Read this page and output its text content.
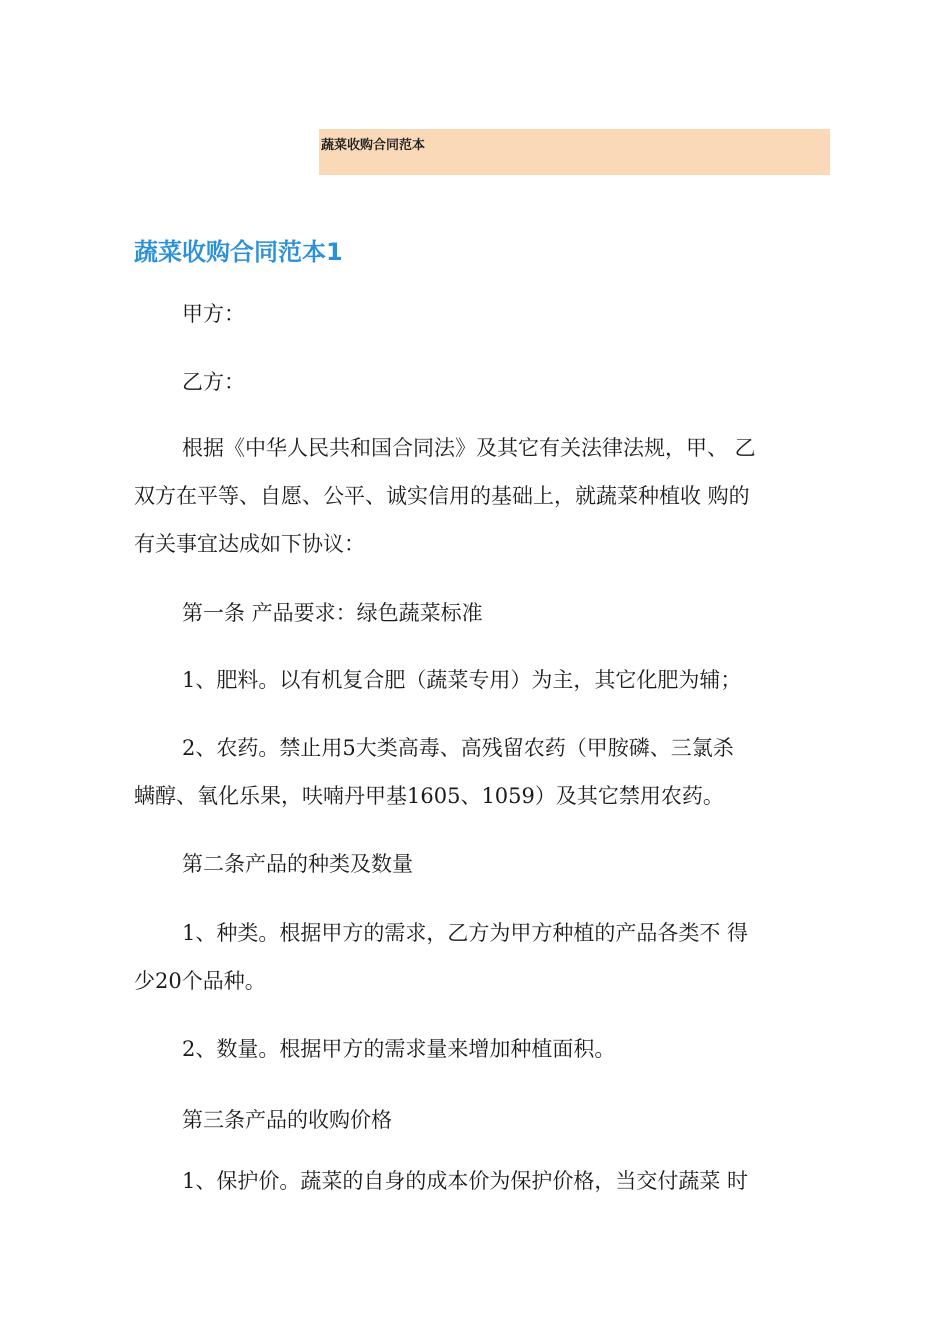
蔬菜收购合同范本
蔬菜收购合同范本1

甲方：

乙方：

根据《中华人民共和国合同法》及其它有关法律法规，甲、 乙
双方在平等、自愿、公平、诚实信用的基础上，就蔬菜种植收 购的
有关事宜达成如下协议：

第一条 产品要求：绿色蔬菜标准

1、肥料。以有机复合肥（蔬菜专用）为主，其它化肥为辅；

2、农药。禁止用5大类高毒、高残留农药（甲胺磷、三氯杀
螨醇、氧化乐果，呋喃丹甲基1605、1059）及其它禁用农药。

第二条产品的种类及数量

1、种类。根据甲方的需求，乙方为甲方种植的产品各类不 得
少20个品种。

2、数量。根据甲方的需求量来增加种植面积。

第三条产品的收购价格

1、保护价。蔬菜的自身的成本价为保护价格，当交付蔬菜 时
